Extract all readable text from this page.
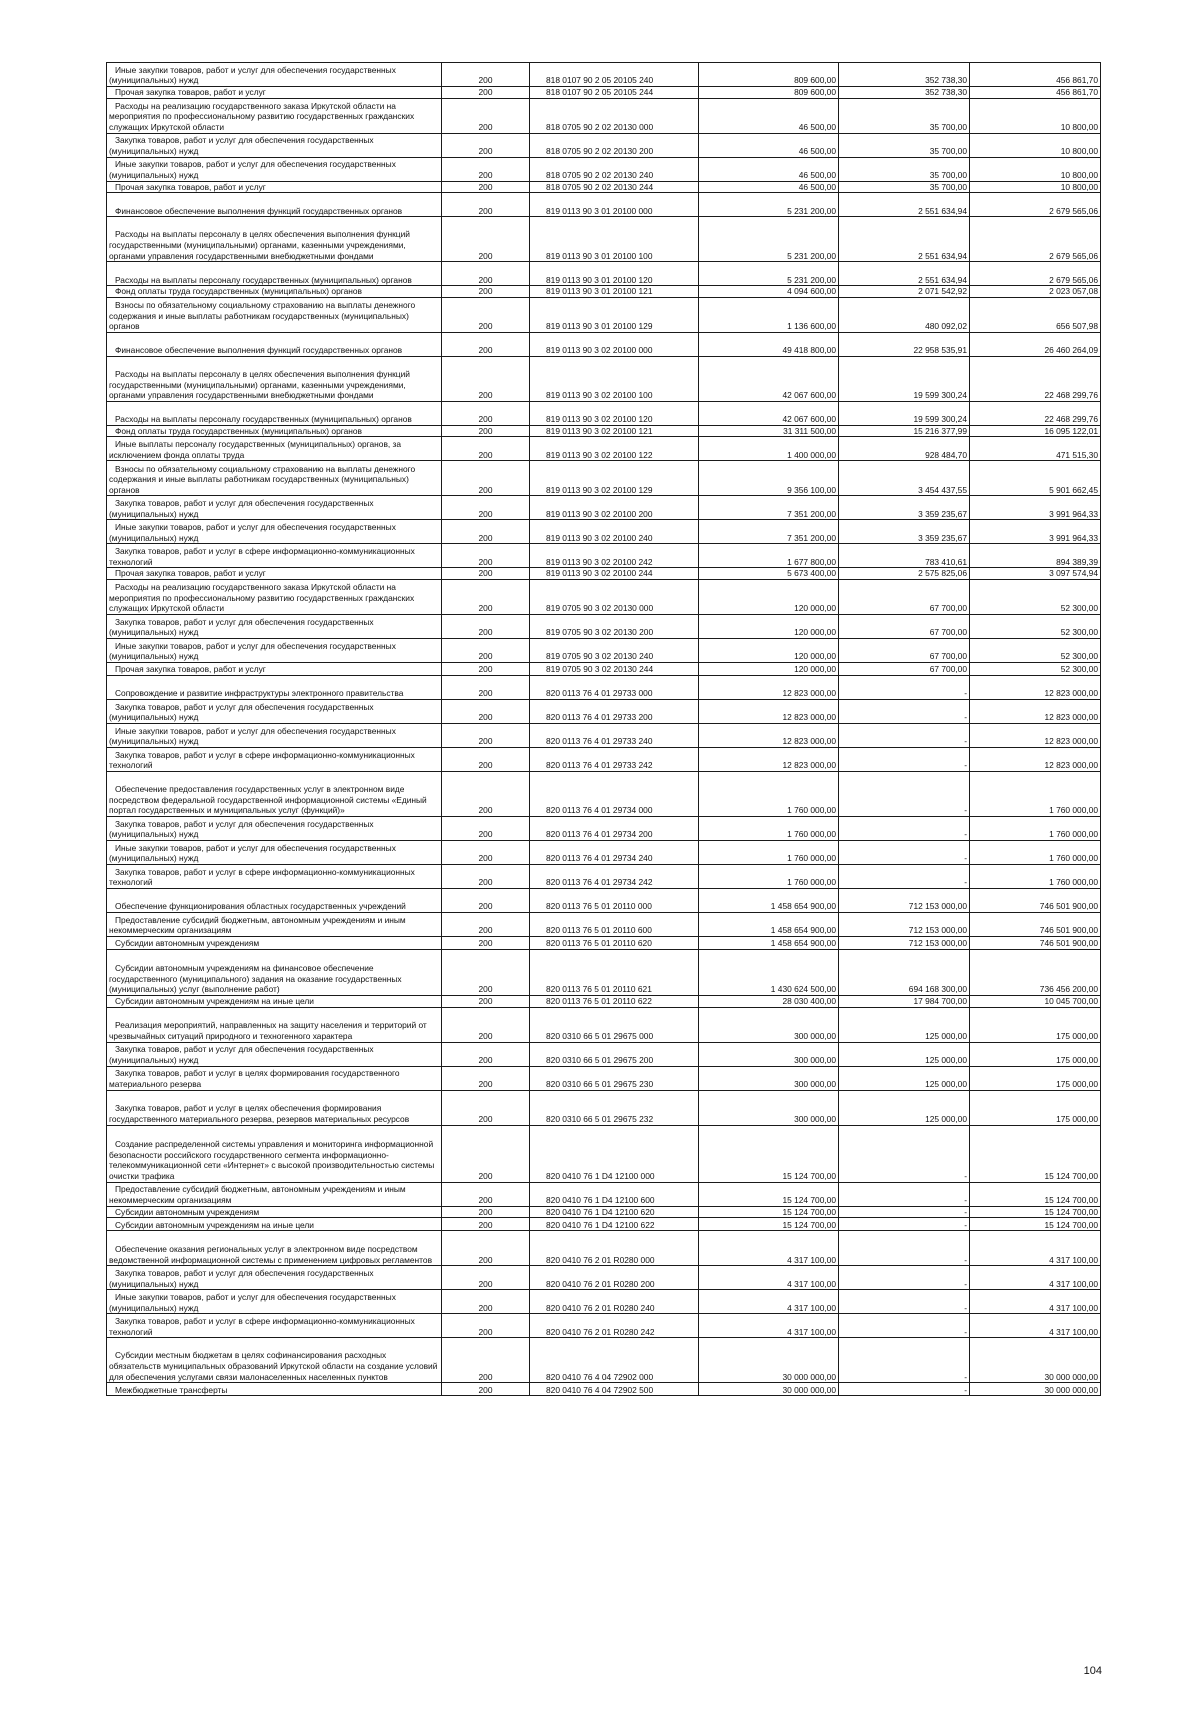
Иные закупки товаров, работ и услуг для обеспечения государственных (муниципальных) нужд	200	818 0107 90 2 05 20105 240	809 600,00	352 738,30	456 861,70
Прочая закупка товаров, работ и услуг	200	818 0107 90 2 05 20105 244	809 600,00	352 738,30	456 861,70
Расходы на реализацию государственного заказа Иркутской области на мероприятия по профессиональному развитию государственных гражданских служащих Иркутской области	200	818 0705 90 2 02 20130 000	46 500,00	35 700,00	10 800,00
Закупка товаров, работ и услуг для обеспечения государственных (муниципальных) нужд	200	818 0705 90 2 02 20130 200	46 500,00	35 700,00	10 800,00
Иные закупки товаров, работ и услуг для обеспечения государственных (муниципальных) нужд	200	818 0705 90 2 02 20130 240	46 500,00	35 700,00	10 800,00
Прочая закупка товаров, работ и услуг	200	818 0705 90 2 02 20130 244	46 500,00	35 700,00	10 800,00
Финансовое обеспечение выполнения функций государственных органов	200	819 0113 90 3 01 20100 000	5 231 200,00	2 551 634,94	2 679 565,06
Расходы на выплаты персоналу в целях обеспечения выполнения функций государственными (муниципальными) органами, казенными учреждениями, органами управления государственными внебюджетными фондами	200	819 0113 90 3 01 20100 100	5 231 200,00	2 551 634,94	2 679 565,06
Расходы на выплаты персоналу государственных (муниципальных) органов	200	819 0113 90 3 01 20100 120	5 231 200,00	2 551 634,94	2 679 565,06
Фонд оплаты труда государственных (муниципальных) органов	200	819 0113 90 3 01 20100 121	4 094 600,00	2 071 542,92	2 023 057,08
Взносы по обязательному социальному страхованию на выплаты денежного содержания и иные выплаты работникам государственных (муниципальных) органов	200	819 0113 90 3 01 20100 129	1 136 600,00	480 092,02	656 507,98
Финансовое обеспечение выполнения функций государственных органов	200	819 0113 90 3 02 20100 000	49 418 800,00	22 958 535,91	26 460 264,09
Расходы на выплаты персоналу в целях обеспечения выполнения функций государственными (муниципальными) органами, казенными учреждениями, органами управления государственными внебюджетными фондами	200	819 0113 90 3 02 20100 100	42 067 600,00	19 599 300,24	22 468 299,76
Расходы на выплаты персоналу государственных (муниципальных) органов	200	819 0113 90 3 02 20100 120	42 067 600,00	19 599 300,24	22 468 299,76
Фонд оплаты труда государственных (муниципальных) органов	200	819 0113 90 3 02 20100 121	31 311 500,00	15 216 377,99	16 095 122,01
Иные выплаты персоналу государственных (муниципальных) органов, за исключением фонда оплаты труда	200	819 0113 90 3 02 20100 122	1 400 000,00	928 484,70	471 515,30
Взносы по обязательному социальному страхованию на выплаты денежного содержания и иные выплаты работникам государственных (муниципальных) органов	200	819 0113 90 3 02 20100 129	9 356 100,00	3 454 437,55	5 901 662,45
Закупка товаров, работ и услуг для обеспечения государственных (муниципальных) нужд	200	819 0113 90 3 02 20100 200	7 351 200,00	3 359 235,67	3 991 964,33
Иные закупки товаров, работ и услуг для обеспечения государственных (муниципальных) нужд	200	819 0113 90 3 02 20100 240	7 351 200,00	3 359 235,67	3 991 964,33
Закупка товаров, работ и услуг в сфере информационно-коммуникационных технологий	200	819 0113 90 3 02 20100 242	1 677 800,00	783 410,61	894 389,39
Прочая закупка товаров, работ и услуг	200	819 0113 90 3 02 20100 244	5 673 400,00	2 575 825,06	3 097 574,94
Расходы на реализацию государственного заказа Иркутской области на мероприятия по профессиональному развитию государственных гражданских служащих Иркутской области	200	819 0705 90 3 02 20130 000	120 000,00	67 700,00	52 300,00
Закупка товаров, работ и услуг для обеспечения государственных (муниципальных) нужд	200	819 0705 90 3 02 20130 200	120 000,00	67 700,00	52 300,00
Иные закупки товаров, работ и услуг для обеспечения государственных (муниципальных) нужд	200	819 0705 90 3 02 20130 240	120 000,00	67 700,00	52 300,00
Прочая закупка товаров, работ и услуг	200	819 0705 90 3 02 20130 244	120 000,00	67 700,00	52 300,00
Сопровождение и развитие инфраструктуры электронного правительства	200	820 0113 76 4 01 29733 000	12 823 000,00	-	12 823 000,00
Закупка товаров, работ и услуг для обеспечения государственных (муниципальных) нужд	200	820 0113 76 4 01 29733 200	12 823 000,00	-	12 823 000,00
Иные закупки товаров, работ и услуг для обеспечения государственных (муниципальных) нужд	200	820 0113 76 4 01 29733 240	12 823 000,00	-	12 823 000,00
Закупка товаров, работ и услуг в сфере информационно-коммуникационных технологий	200	820 0113 76 4 01 29733 242	12 823 000,00	-	12 823 000,00
Обеспечение предоставления государственных услуг в электронном виде посредством федеральной государственной информационной системы «Единый портал государственных и муниципальных услуг (функций)»	200	820 0113 76 4 01 29734 000	1 760 000,00	-	1 760 000,00
Закупка товаров, работ и услуг для обеспечения государственных (муниципальных) нужд	200	820 0113 76 4 01 29734 200	1 760 000,00	-	1 760 000,00
Иные закупки товаров, работ и услуг для обеспечения государственных (муниципальных) нужд	200	820 0113 76 4 01 29734 240	1 760 000,00	-	1 760 000,00
Закупка товаров, работ и услуг в сфере информационно-коммуникационных технологий	200	820 0113 76 4 01 29734 242	1 760 000,00	-	1 760 000,00
Обеспечение функционирования областных государственных учреждений	200	820 0113 76 5 01 20110 000	1 458 654 900,00	712 153 000,00	746 501 900,00
Предоставление субсидий бюджетным, автономным учреждениям и иным некоммерческим организациям	200	820 0113 76 5 01 20110 600	1 458 654 900,00	712 153 000,00	746 501 900,00
Субсидии автономным учреждениям	200	820 0113 76 5 01 20110 620	1 458 654 900,00	712 153 000,00	746 501 900,00
Субсидии автономным учреждениям на финансовое обеспечение государственного (муниципального) задания на оказание государственных (муниципальных) услуг (выполнение работ)	200	820 0113 76 5 01 20110 621	1 430 624 500,00	694 168 300,00	736 456 200,00
Субсидии автономным учреждениям на иные цели	200	820 0113 76 5 01 20110 622	28 030 400,00	17 984 700,00	10 045 700,00
Реализация мероприятий, направленных на защиту населения и территорий от чрезвычайных ситуаций природного и техногенного характера	200	820 0310 66 5 01 29675 000	300 000,00	125 000,00	175 000,00
Закупка товаров, работ и услуг для обеспечения государственных (муниципальных) нужд	200	820 0310 66 5 01 29675 200	300 000,00	125 000,00	175 000,00
Закупка товаров, работ и услуг в целях формирования государственного материального резерва	200	820 0310 66 5 01 29675 230	300 000,00	125 000,00	175 000,00
Закупка товаров, работ и услуг в целях обеспечения формирования государственного материального резерва, резервов материальных ресурсов	200	820 0310 66 5 01 29675 232	300 000,00	125 000,00	175 000,00
Создание распределенной системы управления и мониторинга информационной безопасности российского государственного сегмента информационно-телекоммуникационной сети «Интернет» с высокой производительностью системы очистки трафика	200	820 0410 76 1 D4 12100 000	15 124 700,00	-	15 124 700,00
Предоставление субсидий бюджетным, автономным учреждениям и иным некоммерческим организациям	200	820 0410 76 1 D4 12100 600	15 124 700,00	-	15 124 700,00
Субсидии автономным учреждениям	200	820 0410 76 1 D4 12100 620	15 124 700,00	-	15 124 700,00
Субсидии автономным учреждениям на иные цели	200	820 0410 76 1 D4 12100 622	15 124 700,00	-	15 124 700,00
Обеспечение оказания региональных услуг в электронном виде посредством ведомственной информационной системы с применением цифровых регламентов	200	820 0410 76 2 01 R0280 000	4 317 100,00	-	4 317 100,00
Закупка товаров, работ и услуг для обеспечения государственных (муниципальных) нужд	200	820 0410 76 2 01 R0280 200	4 317 100,00	-	4 317 100,00
Иные закупки товаров, работ и услуг для обеспечения государственных (муниципальных) нужд	200	820 0410 76 2 01 R0280 240	4 317 100,00	-	4 317 100,00
Закупка товаров, работ и услуг в сфере информационно-коммуникационных технологий	200	820 0410 76 2 01 R0280 242	4 317 100,00	-	4 317 100,00
Субсидии местным бюджетам в целях софинансирования расходных обязательств муниципальных образований Иркутской области на создание условий для обеспечения услугами связи малонаселенных населенных пунктов	200	820 0410 76 4 04 72902 000	30 000 000,00	-	30 000 000,00
Межбюджетные трансферты	200	820 0410 76 4 04 72902 500	30 000 000,00	-	30 000 000,00
104
